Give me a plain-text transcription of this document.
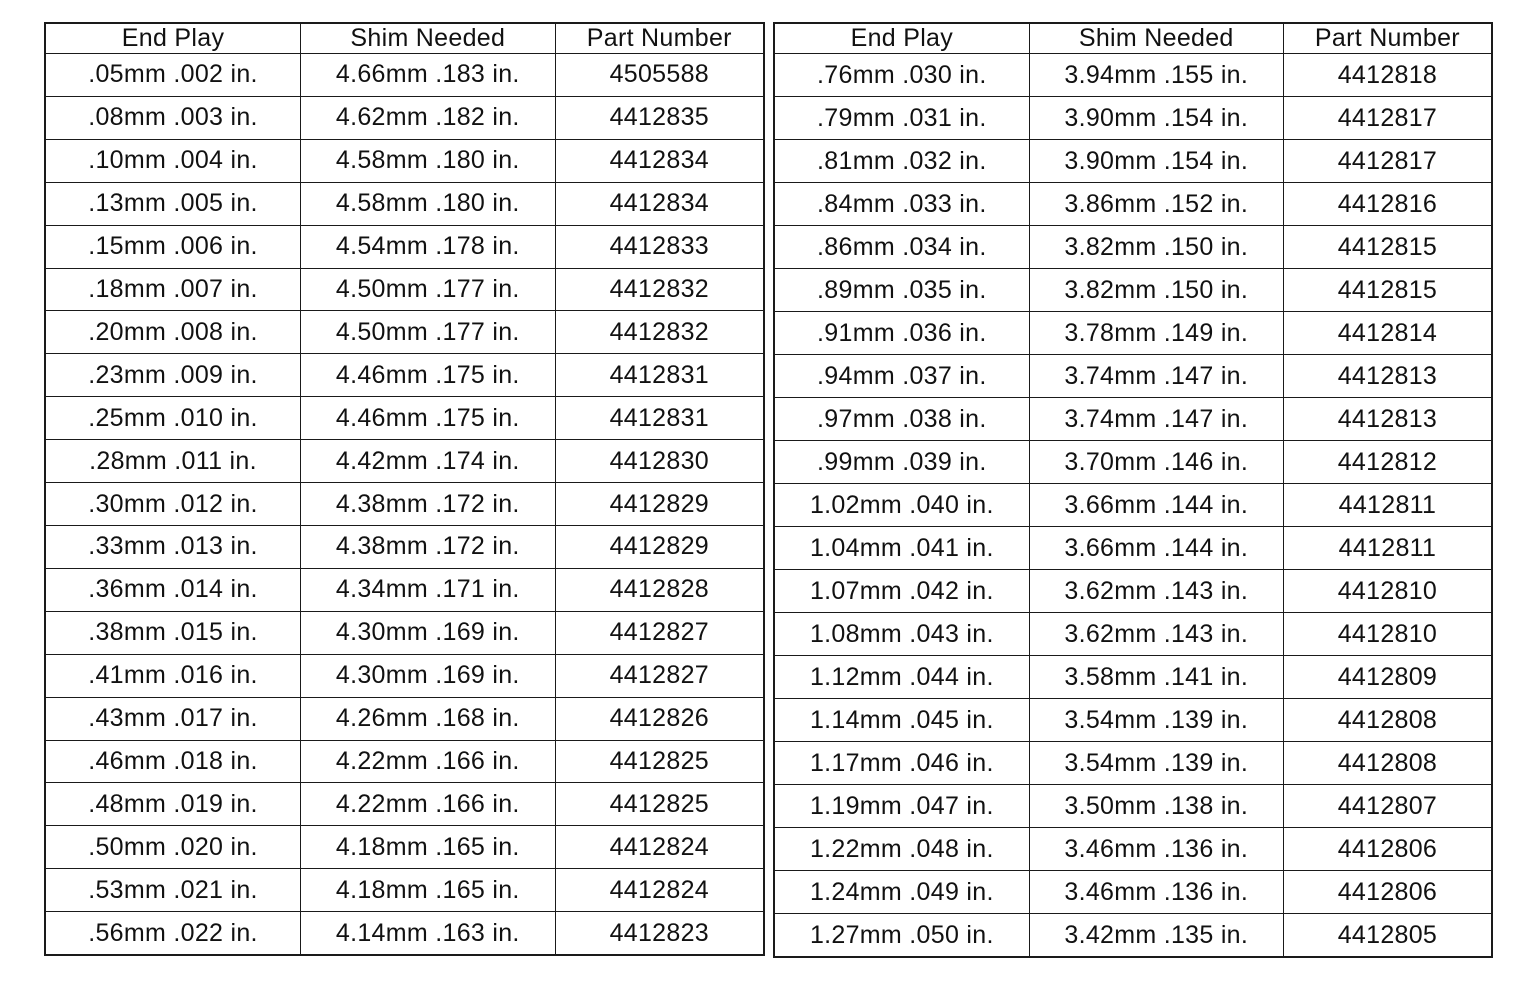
End Play	Shim Needed	Part Number
.05mm .002 in.	4.66mm .183 in.	4505588
.08mm .003 in.	4.62mm .182 in.	4412835
.10mm .004 in.	4.58mm .180 in.	4412834
.13mm .005 in.	4.58mm .180 in.	4412834
.15mm .006 in.	4.54mm .178 in.	4412833
.18mm .007 in.	4.50mm .177 in.	4412832
.20mm .008 in.	4.50mm .177 in.	4412832
.23mm .009 in.	4.46mm .175 in.	4412831
.25mm .010 in.	4.46mm .175 in.	4412831
.28mm .011 in.	4.42mm .174 in.	4412830
.30mm .012 in.	4.38mm .172 in.	4412829
.33mm .013 in.	4.38mm .172 in.	4412829
.36mm .014 in.	4.34mm .171 in.	4412828
.38mm .015 in.	4.30mm .169 in.	4412827
.41mm .016 in.	4.30mm .169 in.	4412827
.43mm .017 in.	4.26mm .168 in.	4412826
.46mm .018 in.	4.22mm .166 in.	4412825
.48mm .019 in.	4.22mm .166 in.	4412825
.50mm .020 in.	4.18mm .165 in.	4412824
.53mm .021 in.	4.18mm .165 in.	4412824
.56mm .022 in.	4.14mm .163 in.	4412823
End Play	Shim Needed	Part Number
.76mm .030 in.	3.94mm .155 in.	4412818
.79mm .031 in.	3.90mm .154 in.	4412817
.81mm .032 in.	3.90mm .154 in.	4412817
.84mm .033 in.	3.86mm .152 in.	4412816
.86mm .034 in.	3.82mm .150 in.	4412815
.89mm .035 in.	3.82mm .150 in.	4412815
.91mm .036 in.	3.78mm .149 in.	4412814
.94mm .037 in.	3.74mm .147 in.	4412813
.97mm .038 in.	3.74mm .147 in.	4412813
.99mm .039 in.	3.70mm .146 in.	4412812
1.02mm .040 in.	3.66mm .144 in.	4412811
1.04mm .041 in.	3.66mm .144 in.	4412811
1.07mm .042 in.	3.62mm .143 in.	4412810
1.08mm .043 in.	3.62mm .143 in.	4412810
1.12mm .044 in.	3.58mm .141 in.	4412809
1.14mm .045 in.	3.54mm .139 in.	4412808
1.17mm .046 in.	3.54mm .139 in.	4412808
1.19mm .047 in.	3.50mm .138 in.	4412807
1.22mm .048 in.	3.46mm .136 in.	4412806
1.24mm .049 in.	3.46mm .136 in.	4412806
1.27mm .050 in.	3.42mm .135 in.	4412805
